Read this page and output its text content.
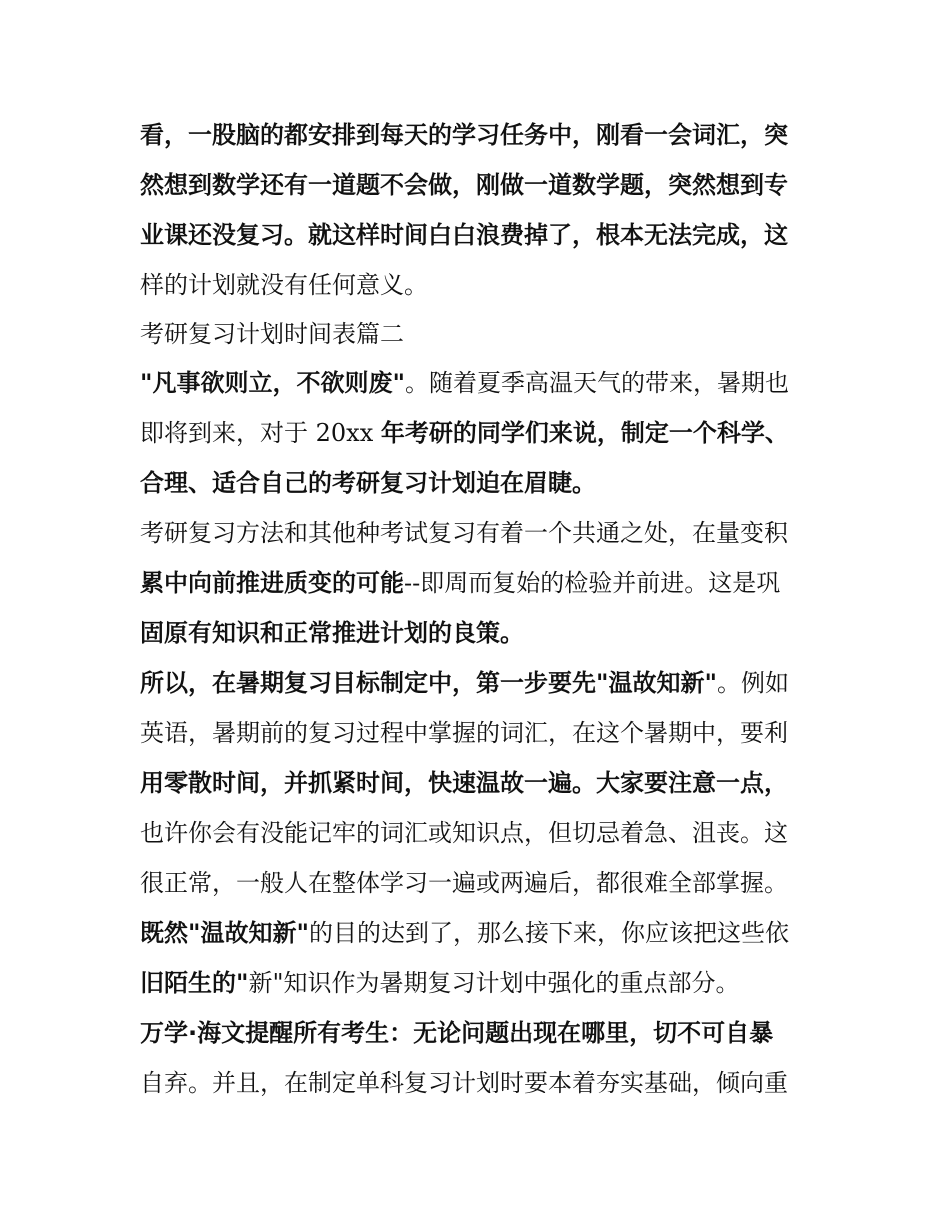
看，一股脑的都安排到每天的学习任务中，刚看一会词汇，突
然想到数学还有一道题不会做，刚做一道数学题，突然想到专
业课还没复习。就这样时间白白浪费掉了，根本无法完成，这
样的计划就没有任何意义。
考研复习计划时间表篇二
"凡事欲则立，不欲则废"。随着夏季高温天气的带来，暑期也
即将到来，对于 20xx 年考研的同学们来说，制定一个科学、
合理、适合自己的考研复习计划迫在眉睫。
考研复习方法和其他种考试复习有着一个共通之处，在量变积
累中向前推进质变的可能--即周而复始的检验并前进。这是巩
固原有知识和正常推进计划的良策。
所以，在暑期复习目标制定中，第一步要先"温故知新"。例如
英语，暑期前的复习过程中掌握的词汇，在这个暑期中，要利
用零散时间，并抓紧时间，快速温故一遍。大家要注意一点，
也许你会有没能记牢的词汇或知识点，但切忌着急、沮丧。这
很正常，一般人在整体学习一遍或两遍后，都很难全部掌握。
既然"温故知新"的目的达到了，那么接下来，你应该把这些依
旧陌生的"新"知识作为暑期复习计划中强化的重点部分。
万学·海文提醒所有考生：无论问题出现在哪里，切不可自暴
自弃。并且，在制定单科复习计划时要本着夯实基础，倾向重
